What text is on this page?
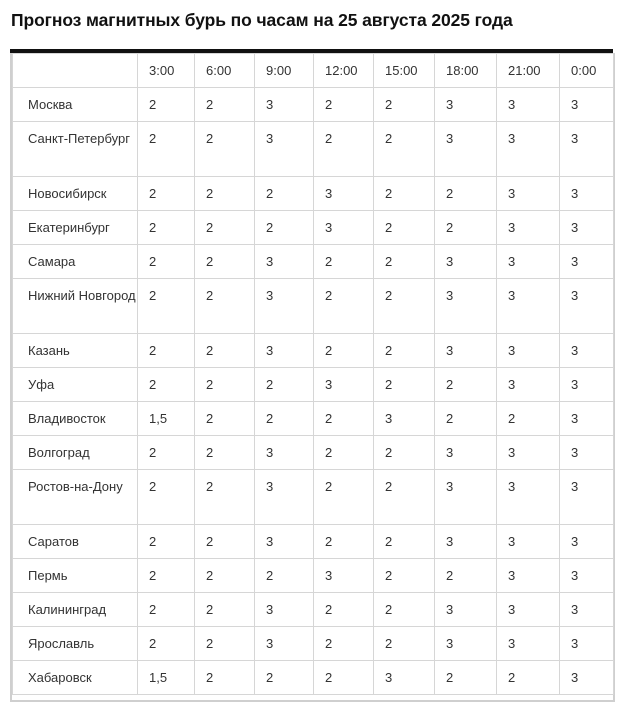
Прогноз магнитных бурь по часам на 25 августа 2025 года
	3:00	6:00	9:00	12:00	15:00	18:00	21:00	0:00
Москва	2	2	3	2	2	3	3	3
Санкт-Петербург	2	2	3	2	2	3	3	3
Новосибирск	2	2	2	3	2	2	3	3
Екатеринбург	2	2	2	3	2	2	3	3
Самара	2	2	3	2	2	3	3	3
Нижний Новгород	2	2	3	2	2	3	3	3
Казань	2	2	3	2	2	3	3	3
Уфа	2	2	2	3	2	2	3	3
Владивосток	1,5	2	2	2	3	2	2	3
Волгоград	2	2	3	2	2	3	3	3
Ростов-на-Дону	2	2	3	2	2	3	3	3
Саратов	2	2	3	2	2	3	3	3
Пермь	2	2	2	3	2	2	3	3
Калининград	2	2	3	2	2	3	3	3
Ярославль	2	2	3	2	2	3	3	3
Хабаровск	1,5	2	2	2	3	2	2	3
